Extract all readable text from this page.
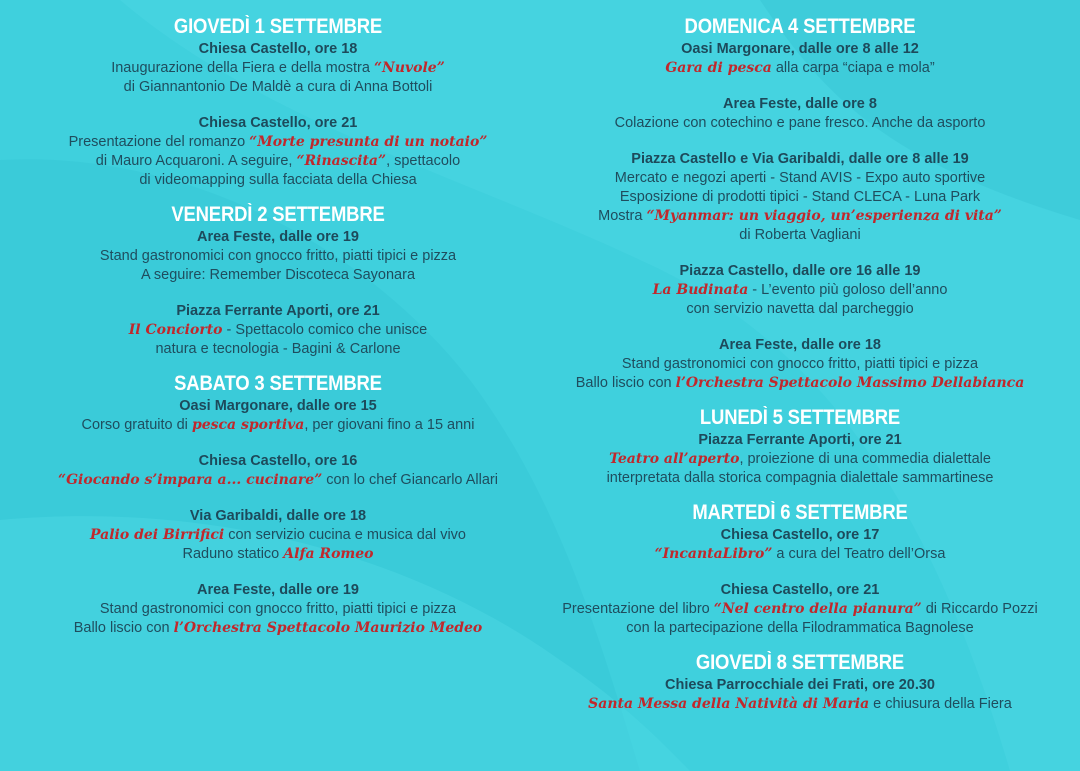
GIOVEDÌ 1 SETTEMBRE
Chiesa Castello, ore 18
Inaugurazione della Fiera e della mostra “Nuvole”
di Giannantonio De Maldè a cura di Anna Bottoli
Chiesa Castello, ore 21
Presentazione del romanzo “Morte presunta di un notaio”
di Mauro Acquaroni. A seguire, “Rinascita”, spettacolo
di videomapping sulla facciata della Chiesa
VENERDÌ 2 SETTEMBRE
Area Feste, dalle ore 19
Stand gastronomici con gnocco fritto, piatti tipici e pizza
A seguire: Remember Discoteca Sayonara
Piazza Ferrante Aporti, ore 21
Il Conciorto - Spettacolo comico che unisce
natura e tecnologia - Bagini & Carlone
SABATO 3 SETTEMBRE
Oasi Margonare, dalle ore 15
Corso gratuito di pesca sportiva, per giovani fino a 15 anni
Chiesa Castello, ore 16
“Giocando s’impara a... cucinare” con lo chef Giancarlo Allari
Via Garibaldi, dalle ore 18
Palio dei Birrifici con servizio cucina e musica dal vivo
Raduno statico Alfa Romeo
Area Feste, dalle ore 19
Stand gastronomici con gnocco fritto, piatti tipici e pizza
Ballo liscio con l’Orchestra Spettacolo Maurizio Medeo
DOMENICA 4 SETTEMBRE
Oasi Margonare, dalle ore 8 alle 12
Gara di pesca alla carpa “ciapa e mola”
Area Feste, dalle ore 8
Colazione con cotechino e pane fresco. Anche da asporto
Piazza Castello e Via Garibaldi, dalle ore 8 alle 19
Mercato e negozi aperti - Stand AVIS - Expo auto sportive
Esposizione di prodotti tipici - Stand CLECA - Luna Park
Mostra “Myanmar: un viaggio, un’esperienza di vita”
di Roberta Vagliani
Piazza Castello, dalle ore 16 alle 19
La Budinata - L’evento più goloso dell’anno
con servizio navetta dal parcheggio
Area Feste, dalle ore 18
Stand gastronomici con gnocco fritto, piatti tipici e pizza
Ballo liscio con l’Orchestra Spettacolo Massimo Dellabianca
LUNEDÌ 5 SETTEMBRE
Piazza Ferrante Aporti, ore 21
Teatro all’aperto, proiezione di una commedia dialettale
interpretata dalla storica compagnia dialettale sammartinese
MARTEDÌ 6 SETTEMBRE
Chiesa Castello, ore 17
“IncantaLibro” a cura del Teatro dell’Orsa
Chiesa Castello, ore 21
Presentazione del libro “Nel centro della pianura” di Riccardo Pozzi
con la partecipazione della Filodrammatica Bagnolese
GIOVEDÌ 8 SETTEMBRE
Chiesa Parrocchiale dei Frati, ore 20.30
Santa Messa della Natività di Maria e chiusura della Fiera
